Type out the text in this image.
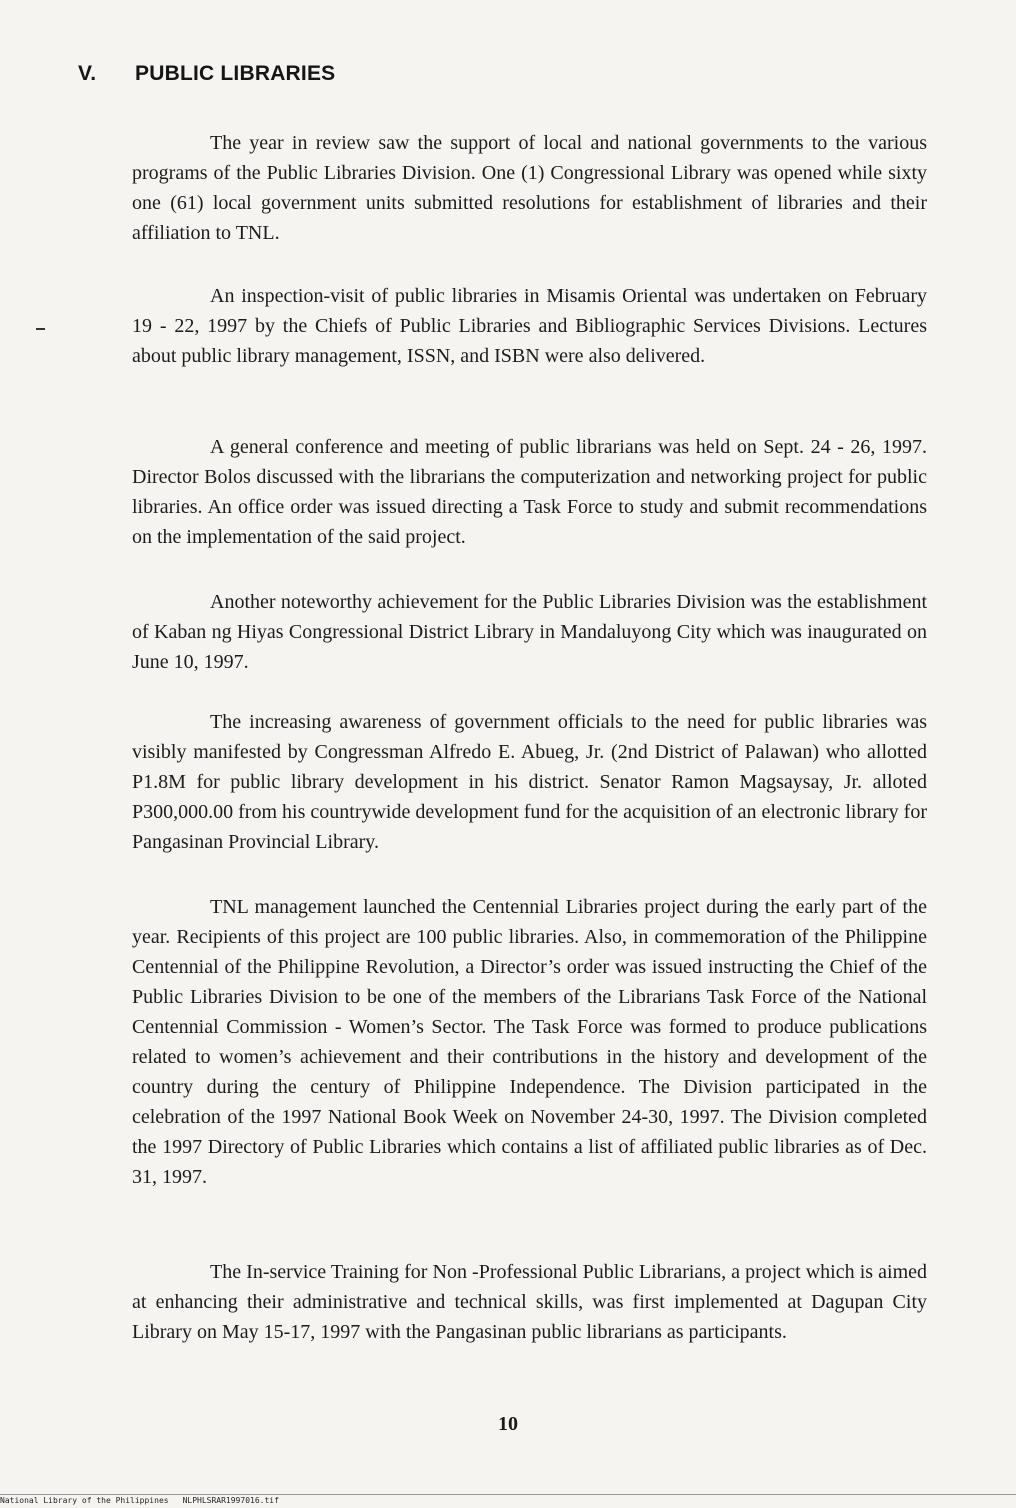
V. PUBLIC LIBRARIES

The year in review saw the support of local and national governments to the various programs of the Public Libraries Division. One (1) Congressional Library was opened while sixty one (61) local government units submitted resolutions for establishment of libraries and their affiliation to TNL.

An inspection-visit of public libraries in Misamis Oriental was undertaken on February 19 - 22, 1997 by the Chiefs of Public Libraries and Bibliographic Services Divisions. Lectures about public library management, ISSN, and ISBN were also delivered.

A general conference and meeting of public librarians was held on Sept. 24 - 26, 1997. Director Bolos discussed with the librarians the computerization and networking project for public libraries. An office order was issued directing a Task Force to study and submit recommendations on the implementation of the said project.

Another noteworthy achievement for the Public Libraries Division was the establishment of Kaban ng Hiyas Congressional District Library in Mandaluyong City which was inaugurated on June 10, 1997.

The increasing awareness of government officials to the need for public libraries was visibly manifested by Congressman Alfredo E. Abueg, Jr. (2nd District of Palawan) who allotted P1.8M for public library development in his district. Senator Ramon Magsaysay, Jr. alloted P300,000.00 from his countrywide development fund for the acquisition of an electronic library for Pangasinan Provincial Library.

TNL management launched the Centennial Libraries project during the early part of the year. Recipients of this project are 100 public libraries. Also, in commemoration of the Philippine Centennial of the Philippine Revolution, a Director’s order was issued instructing the Chief of the Public Libraries Division to be one of the members of the Librarians Task Force of the National Centennial Commission - Women’s Sector. The Task Force was formed to produce publications related to women’s achievement and their contributions in the history and development of the country during the century of Philippine Independence. The Division participated in the celebration of the 1997 National Book Week on November 24-30, 1997. The Division completed the 1997 Directory of Public Libraries which contains a list of affiliated public libraries as of Dec. 31, 1997.

The In-service Training for Non -Professional Public Librarians, a project which is aimed at enhancing their administrative and technical skills, was first implemented at Dagupan City Library on May 15-17, 1997 with the Pangasinan public librarians as participants.

10
National Library of the Philippines NLPHLSRAR1997016.tif
